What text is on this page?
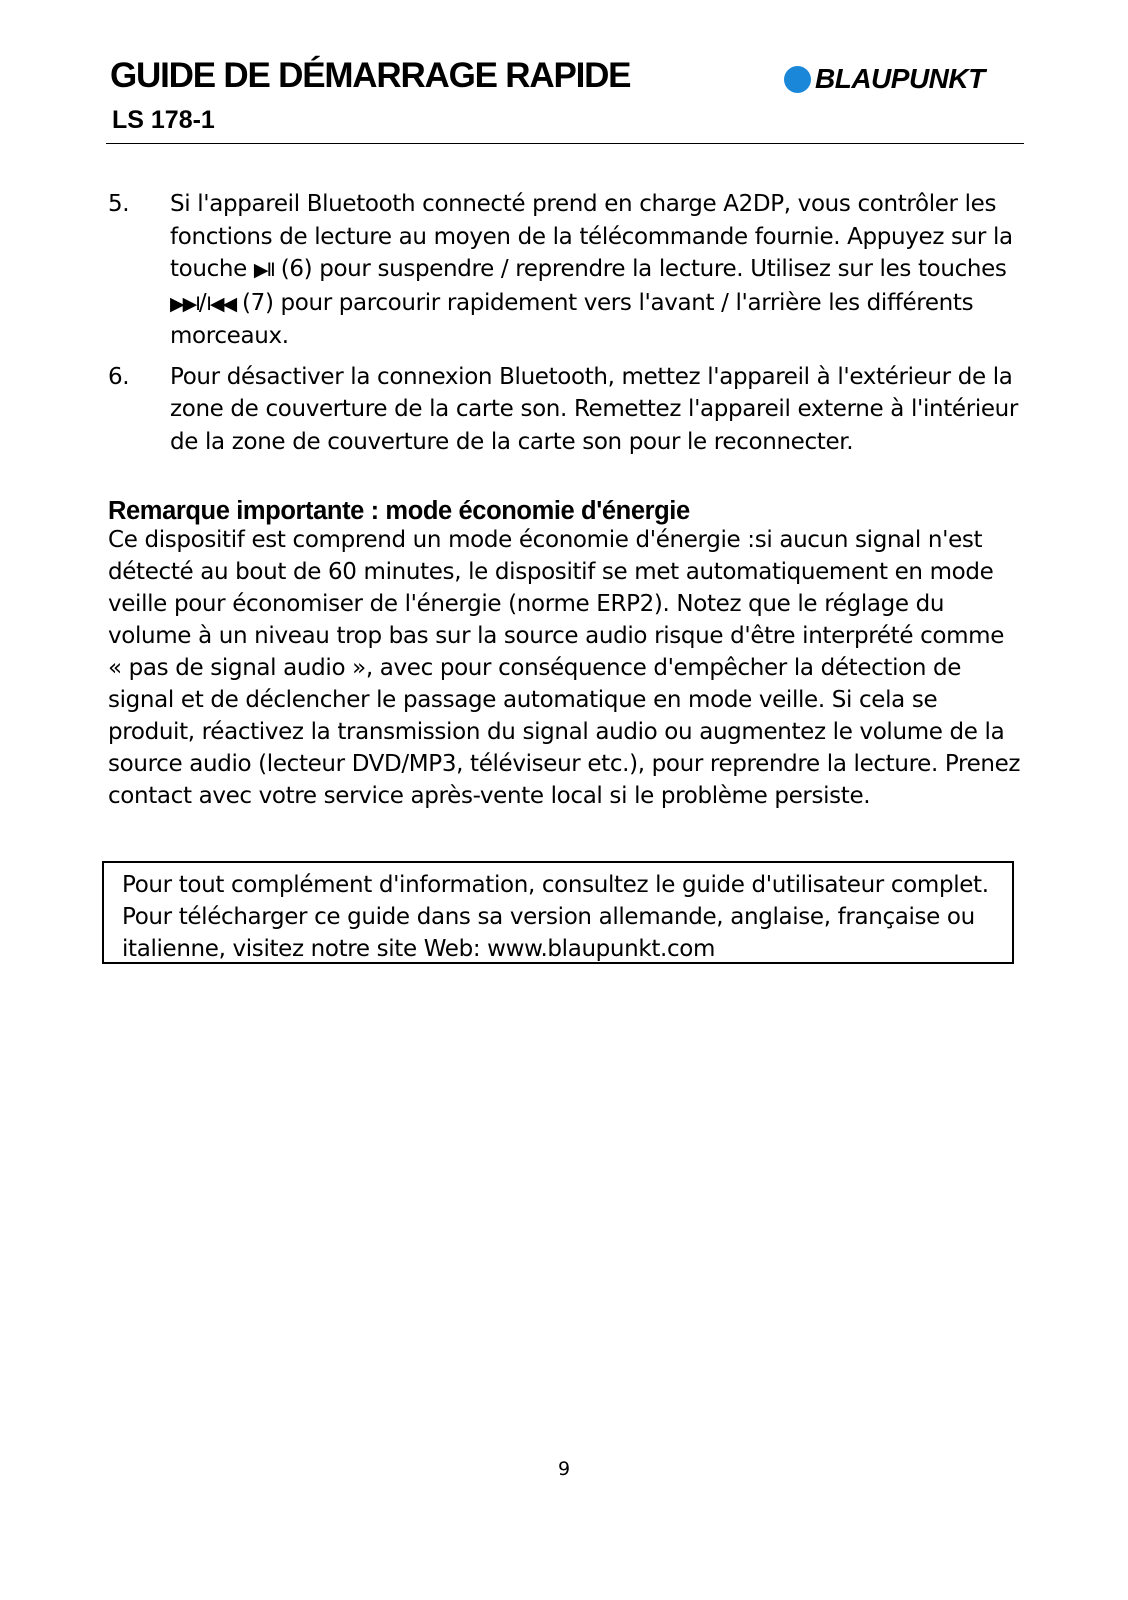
GUIDE DE DÉMARRAGE RAPIDE
LS 178-1
BLAUPUNKT
5.	Si l'appareil Bluetooth connecté prend en charge A2DP, vous contrôler les fonctions de lecture au moyen de la télécommande fournie. Appuyez sur la touche ▶II (6) pour suspendre / reprendre la lecture. Utilisez sur les touches ▶▶I/I◀◀ (7) pour parcourir rapidement vers l'avant / l'arrière les différents morceaux.
6.	Pour désactiver la connexion Bluetooth, mettez l'appareil à l'extérieur de la zone de couverture de la carte son. Remettez l'appareil externe à l'intérieur de la zone de couverture de la carte son pour le reconnecter.
Remarque importante : mode économie d'énergie

Ce dispositif est comprend un mode économie d'énergie :si aucun signal n'est détecté au bout de 60 minutes, le dispositif se met automatiquement en mode veille pour économiser de l'énergie (norme ERP2). Notez que le réglage du volume à un niveau trop bas sur la source audio risque d'être interprété comme « pas de signal audio », avec pour conséquence d'empêcher la détection de signal et de déclencher le passage automatique en mode veille. Si cela se produit, réactivez la transmission du signal audio ou augmentez le volume de la source audio (lecteur DVD/MP3, téléviseur etc.), pour reprendre la lecture. Prenez contact avec votre service après-vente local si le problème persiste.

Pour tout complément d'information, consultez le guide d'utilisateur complet. Pour télécharger ce guide dans sa version allemande, anglaise, française ou italienne, visitez notre site Web: www.blaupunkt.com
9
